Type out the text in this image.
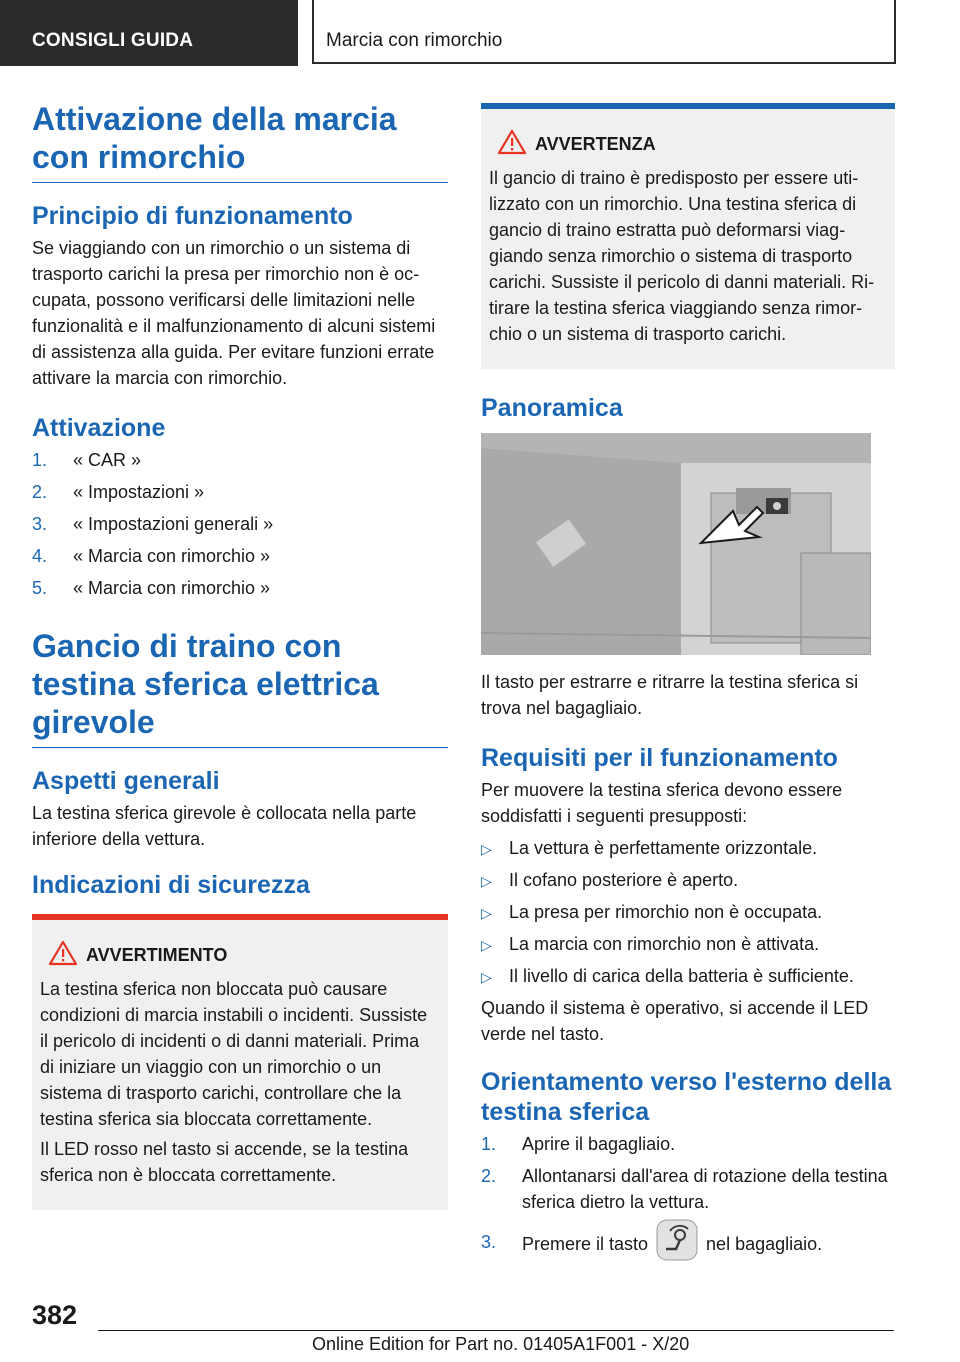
CONSIGLI GUIDA	Marcia con rimorchio
Attivazione della marcia con rimorchio
Principio di funzionamento

Se viaggiando con un rimorchio o un sistema di trasporto carichi la presa per rimorchio non è occupata, possono verificarsi delle limitazioni nelle funzionalità e il malfunzionamento di alcuni sistemi di assistenza alla guida. Per evitare funzioni errate attivare la marcia con rimorchio.

Attivazione
1. « CAR »
2. « Impostazioni »
3. « Impostazioni generali »
4. « Marcia con rimorchio »
5. « Marcia con rimorchio »
Gancio di traino con testina sferica elettrica girevole
Aspetti generali

La testina sferica girevole è collocata nella parte inferiore della vettura.

Indicazioni di sicurezza
AVVERTIMENTO

La testina sferica non bloccata può causare condizioni di marcia instabili o incidenti. Sussiste il pericolo di incidenti o di danni materiali. Prima di iniziare un viaggio con un rimorchio o un sistema di trasporto carichi, controllare che la testina sferica sia bloccata correttamente.

Il LED rosso nel tasto si accende, se la testina sferica non è bloccata correttamente.

AVVERTENZA

Il gancio di traino è predisposto per essere utilizzato con un rimorchio. Una testina sferica di gancio di traino estratta può deformarsi viaggiando senza rimorchio o sistema di trasporto carichi. Sussiste il pericolo di danni materiali. Ritirare la testina sferica viaggiando senza rimorchio o un sistema di trasporto carichi.

Panoramica

Il tasto per estrarre e ritrarre la testina sferica si trova nel bagagliaio.

Requisiti per il funzionamento

Per muovere la testina sferica devono essere soddisfatti i seguenti presupposti:

▷ La vettura è perfettamente orizzontale.
▷ Il cofano posteriore è aperto.
▷ La presa per rimorchio non è occupata.
▷ La marcia con rimorchio non è attivata.
▷ Il livello di carica della batteria è sufficiente.

Quando il sistema è operativo, si accende il LED verde nel tasto.

Orientamento verso l'esterno della testina sferica
1. Aprire il bagagliaio.
2. Allontanarsi dall'area di rotazione della testina sferica dietro la vettura.
3. Premere il tasto	nel bagagliaio.
382
Online Edition for Part no. 01405A1F001 - X/20
